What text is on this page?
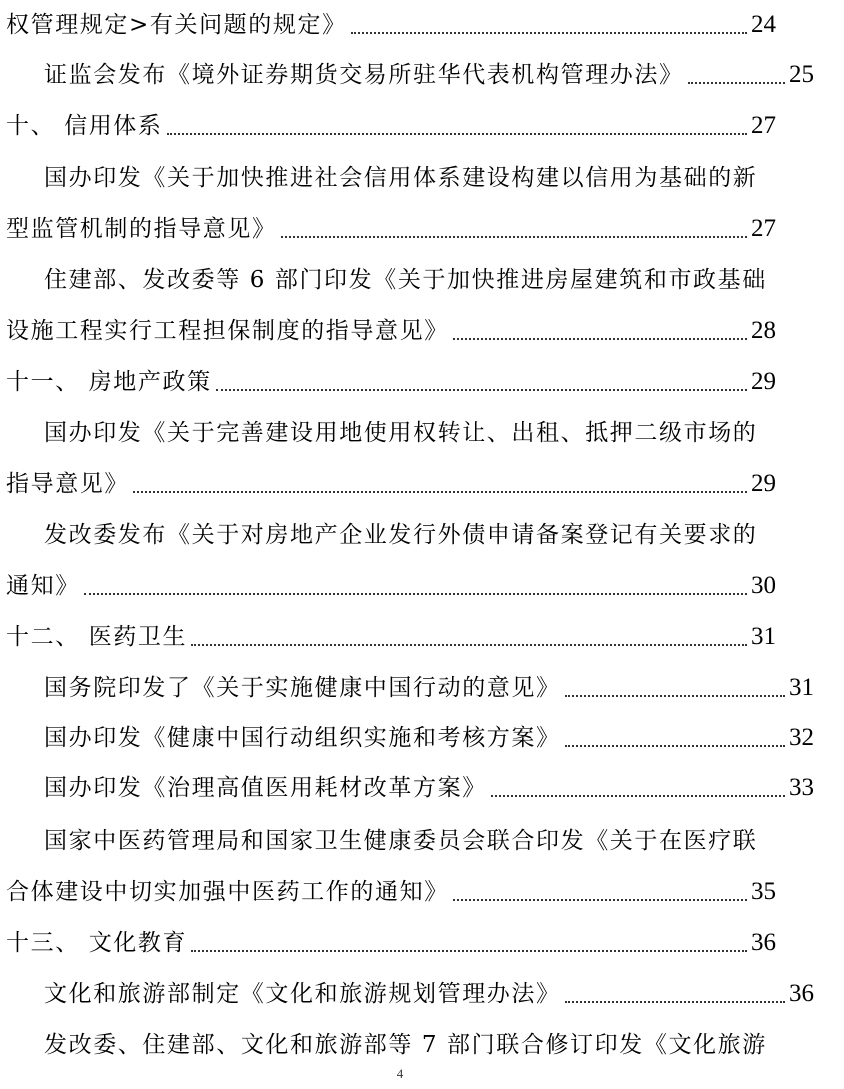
权管理规定>有关问题的规定》	24
证监会发布《境外证券期货交易所驻华代表机构管理办法》	25
十、 信用体系	27
国办印发《关于加快推进社会信用体系建设构建以信用为基础的新
型监管机制的指导意见》	27
住建部、发改委等 6 部门印发《关于加快推进房屋建筑和市政基础
设施工程实行工程担保制度的指导意见》	28
十一、 房地产政策	29
国办印发《关于完善建设用地使用权转让、出租、抵押二级市场的
指导意见》	29
发改委发布《关于对房地产企业发行外债申请备案登记有关要求的
通知》	30
十二、 医药卫生	31
国务院印发了《关于实施健康中国行动的意见》	31
国办印发《健康中国行动组织实施和考核方案》	32
国办印发《治理高值医用耗材改革方案》	33
国家中医药管理局和国家卫生健康委员会联合印发《关于在医疗联
合体建设中切实加强中医药工作的通知》	35
十三、 文化教育	36
文化和旅游部制定《文化和旅游规划管理办法》	36
发改委、住建部、文化和旅游部等 7 部门联合修订印发《文化旅游
4
